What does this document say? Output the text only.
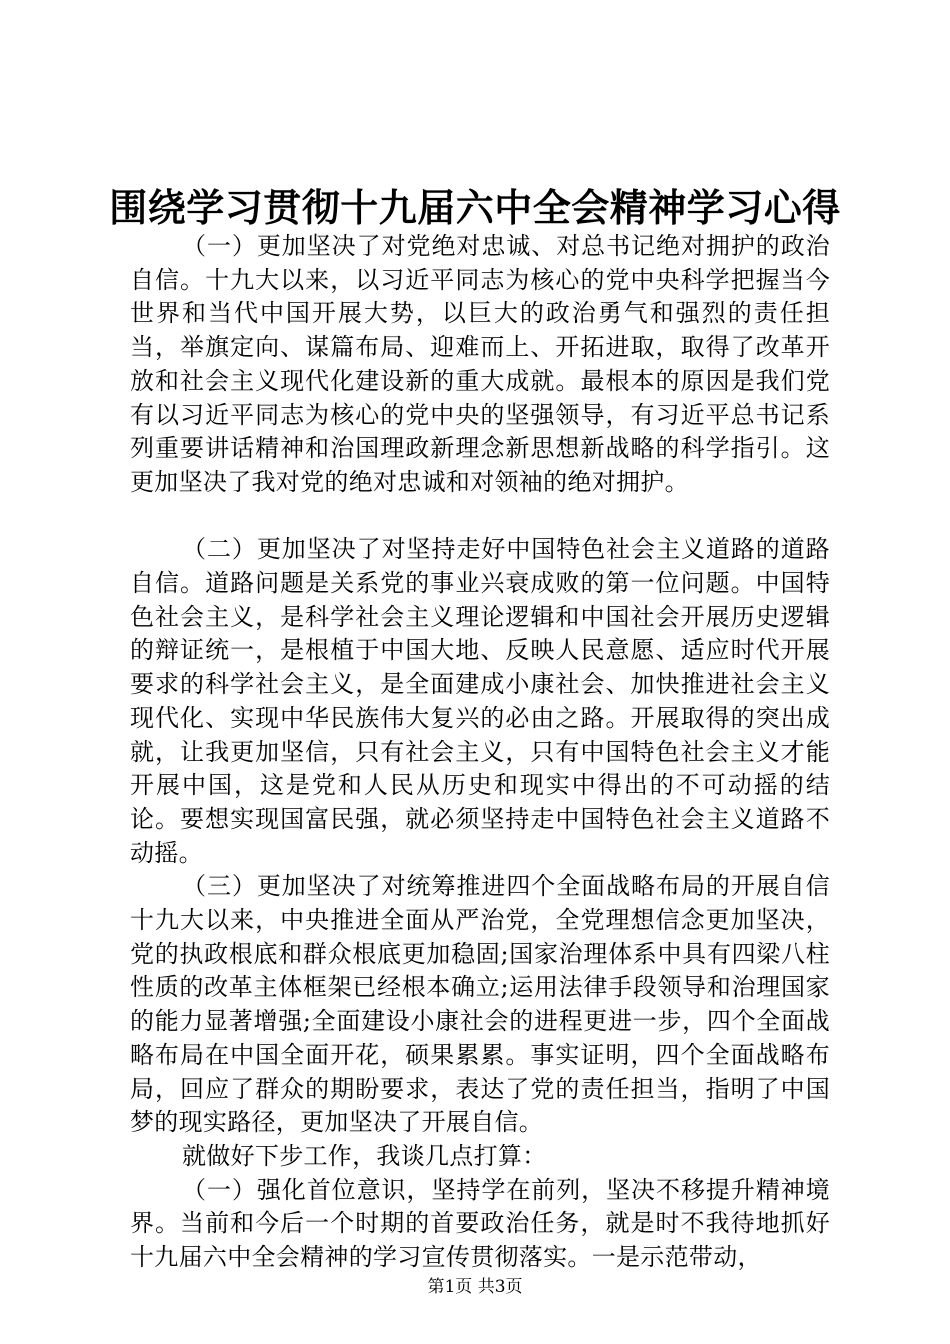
围绕学习贯彻十九届六中全会精神学习心得

（一）更加坚决了对党绝对忠诚、对总书记绝对拥护的政治自信。十九大以来，以习近平同志为核心的党中央科学把握当今世界和当代中国开展大势，以巨大的政治勇气和强烈的责任担当，举旗定向、谋篇布局、迎难而上、开拓进取，取得了改革开放和社会主义现代化建设新的重大成就。最根本的原因是我们党有以习近平同志为核心的党中央的坚强领导，有习近平总书记系列重要讲话精神和治国理政新理念新思想新战略的科学指引。这更加坚决了我对党的绝对忠诚和对领袖的绝对拥护。

（二）更加坚决了对坚持走好中国特色社会主义道路的道路自信。道路问题是关系党的事业兴衰成败的第一位问题。中国特色社会主义，是科学社会主义理论逻辑和中国社会开展历史逻辑的辩证统一，是根植于中国大地、反映人民意愿、适应时代开展要求的科学社会主义，是全面建成小康社会、加快推进社会主义现代化、实现中华民族伟大复兴的必由之路。开展取得的突出成就，让我更加坚信，只有社会主义，只有中国特色社会主义才能开展中国，这是党和人民从历史和现实中得出的不可动摇的结论。要想实现国富民强，就必须坚持走中国特色社会主义道路不动摇。

（三）更加坚决了对统筹推进四个全面战略布局的开展自信十九大以来，中央推进全面从严治党，全党理想信念更加坚决，党的执政根底和群众根底更加稳固;国家治理体系中具有四梁八柱性质的改革主体框架已经根本确立;运用法律手段领导和治理国家的能力显著增强;全面建设小康社会的进程更进一步，四个全面战略布局在中国全面开花，硕果累累。事实证明，四个全面战略布局，回应了群众的期盼要求，表达了党的责任担当，指明了中国梦的现实路径，更加坚决了开展自信。

就做好下步工作，我谈几点打算：

（一）强化首位意识，坚持学在前列，坚决不移提升精神境界。当前和今后一个时期的首要政治任务，就是时不我待地抓好十九届六中全会精神的学习宣传贯彻落实。一是示范带动，

第1页 共3页
